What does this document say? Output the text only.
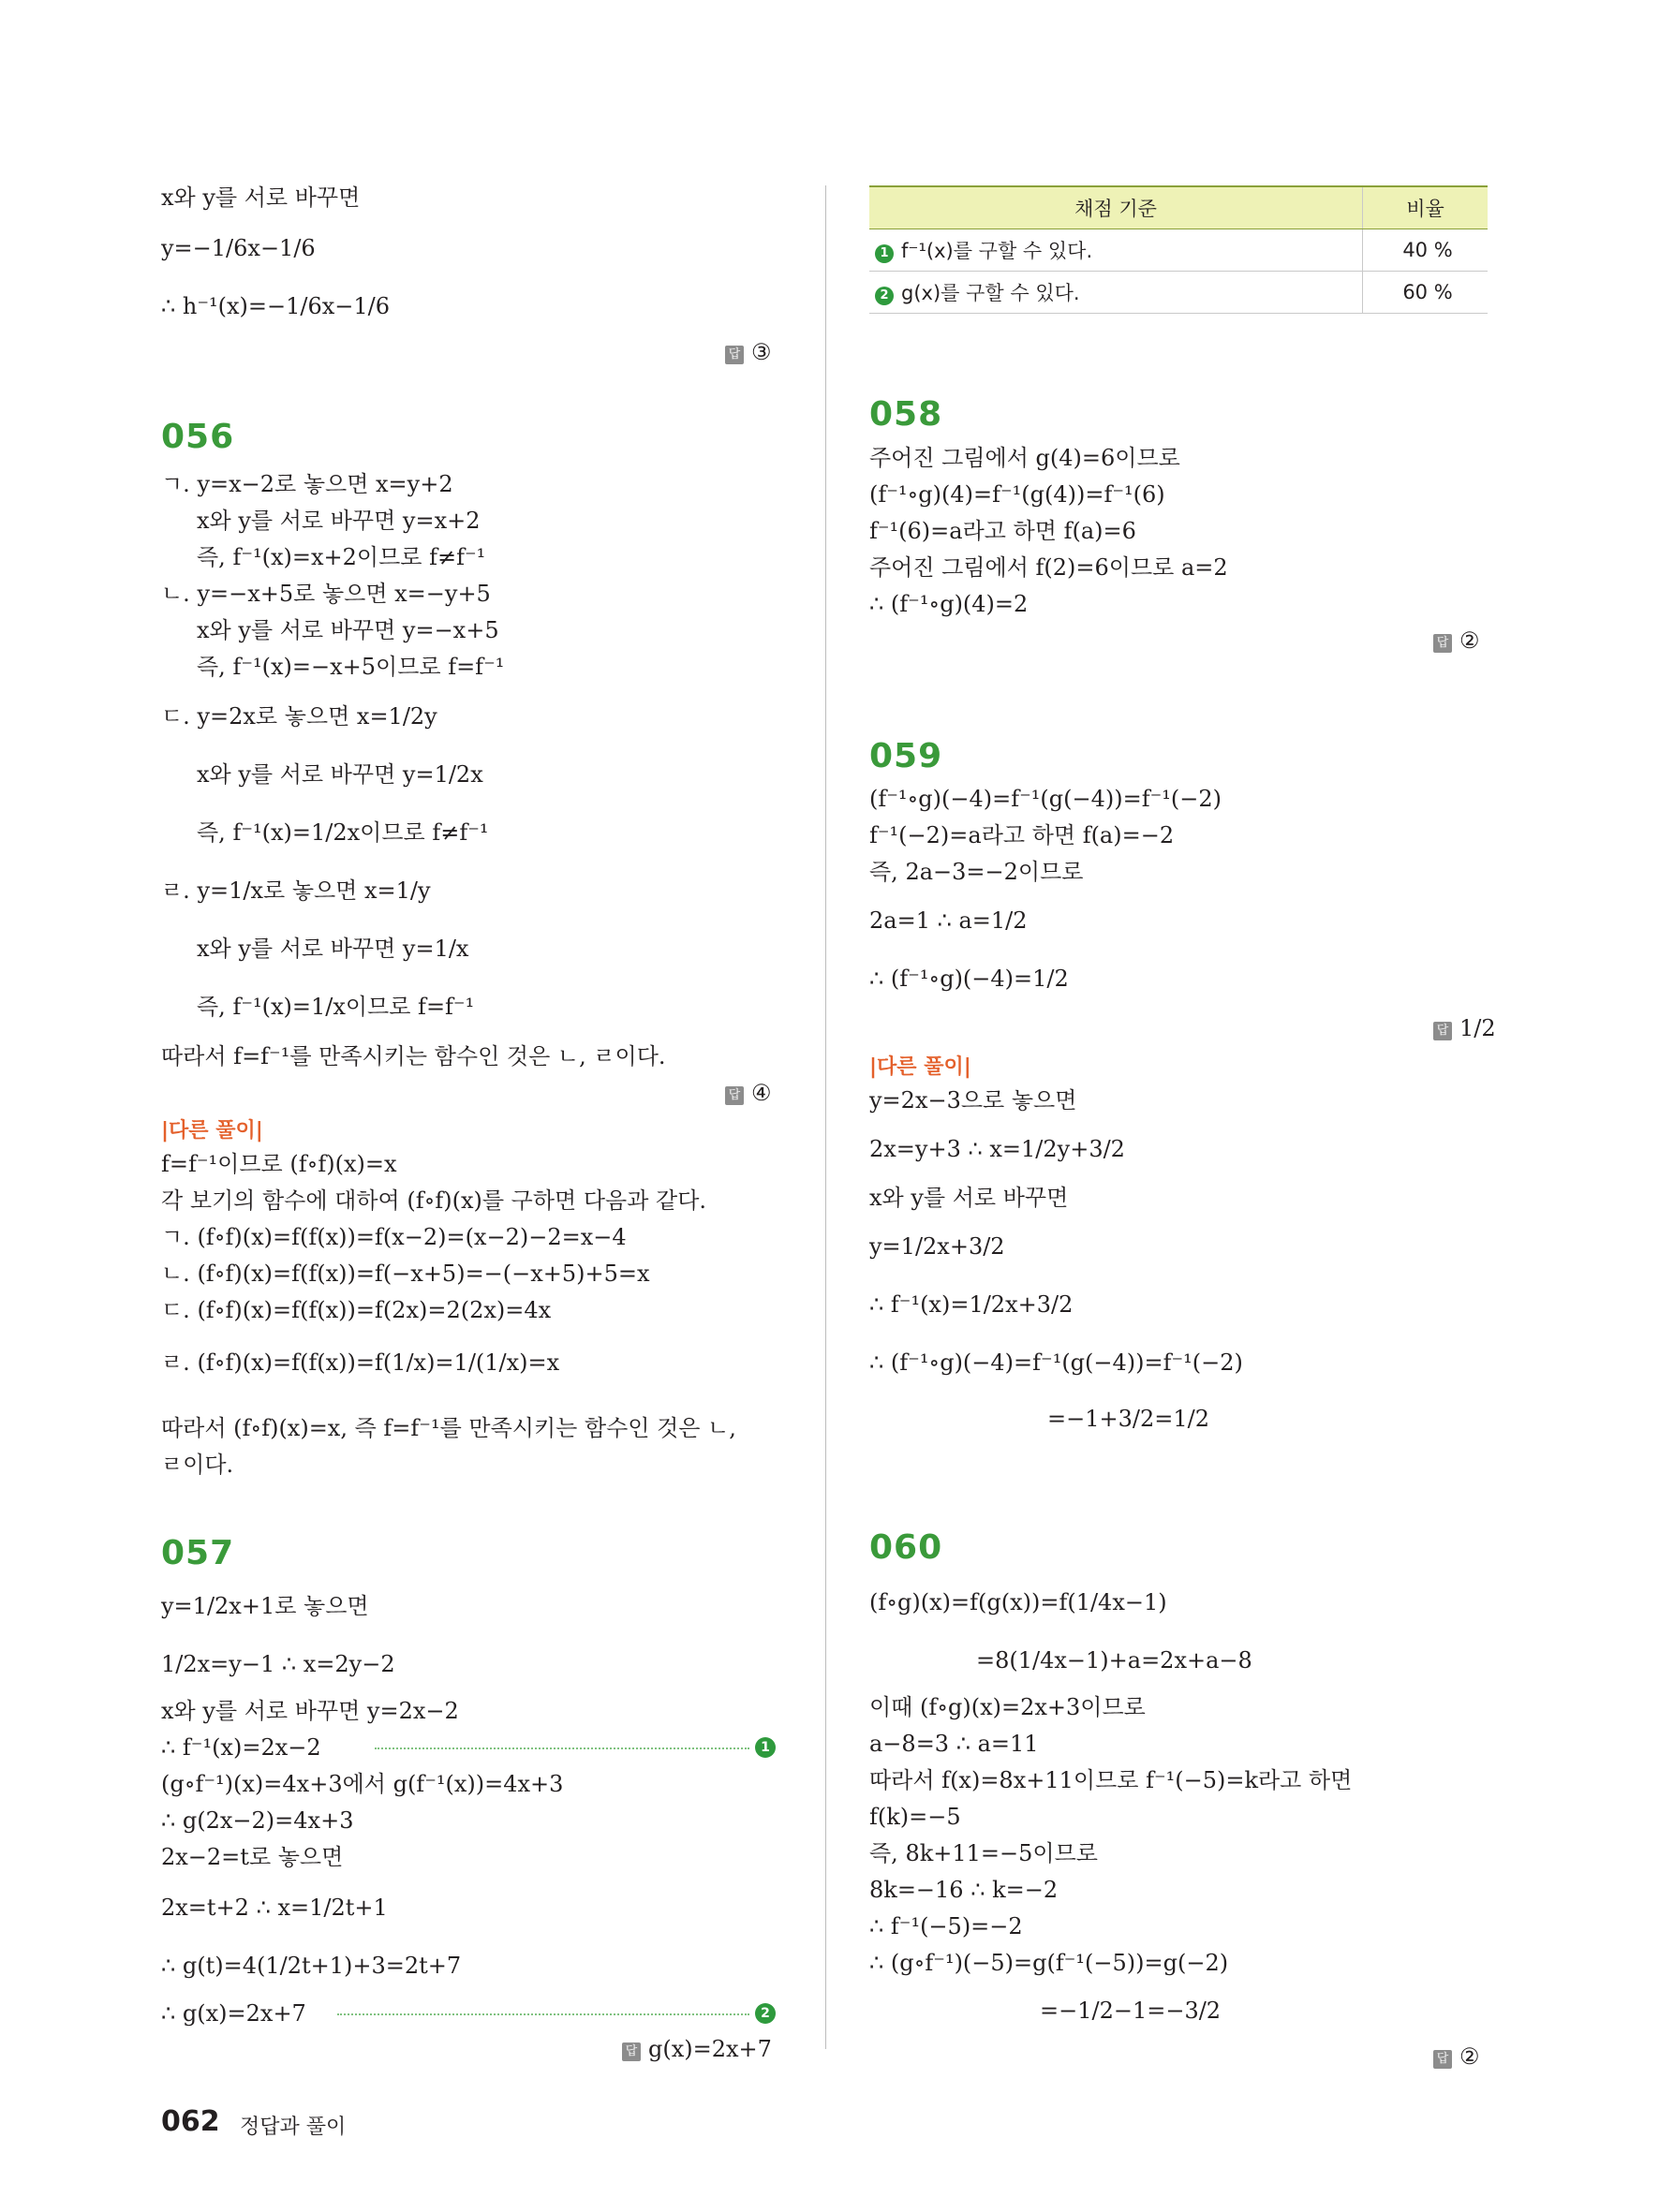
x와 y를 서로 바꾸면
y=−1/6x−1/6
∴ h⁻¹(x)=−1/6x−1/6
답 ③
056
ㄱ. y=x−2로 놓으면 x=y+2
x와 y를 서로 바꾸면 y=x+2
즉, f⁻¹(x)=x+2이므로 f≠f⁻¹
ㄴ. y=−x+5로 놓으면 x=−y+5
x와 y를 서로 바꾸면 y=−x+5
즉, f⁻¹(x)=−x+5이므로 f=f⁻¹
ㄷ. y=2x로 놓으면 x=1/2y
x와 y를 서로 바꾸면 y=1/2x
즉, f⁻¹(x)=1/2x이므로 f≠f⁻¹
ㄹ. y=1/x로 놓으면 x=1/y
x와 y를 서로 바꾸면 y=1/x
즉, f⁻¹(x)=1/x이므로 f=f⁻¹
따라서 f=f⁻¹를 만족시키는 함수인 것은 ㄴ, ㄹ이다.
답 ④
|다른 풀이|
f=f⁻¹이므로 (f∘f)(x)=x
각 보기의 함수에 대하여 (f∘f)(x)를 구하면 다음과 같다.
ㄱ. (f∘f)(x)=f(f(x))=f(x−2)=(x−2)−2=x−4
ㄴ. (f∘f)(x)=f(f(x))=f(−x+5)=−(−x+5)+5=x
ㄷ. (f∘f)(x)=f(f(x))=f(2x)=2(2x)=4x
ㄹ. (f∘f)(x)=f(f(x))=f(1/x)=1/(1/x)=x
따라서 (f∘f)(x)=x, 즉 f=f⁻¹를 만족시키는 함수인 것은 ㄴ,
ㄹ이다.
057
y=1/2x+1로 놓으면
1/2x=y−1 ∴ x=2y−2
x와 y를 서로 바꾸면 y=2x−2
∴ f⁻¹(x)=2x−2	1
(g∘f⁻¹)(x)=4x+3에서 g(f⁻¹(x))=4x+3
∴ g(2x−2)=4x+3
2x−2=t로 놓으면
2x=t+2 ∴ x=1/2t+1
∴ g(t)=4(1/2t+1)+3=2t+7
∴ g(x)=2x+7	2
답 g(x)=2x+7
채점 기준	비율
1 f⁻¹(x)를 구할 수 있다.	40 %
2 g(x)를 구할 수 있다.	60 %
058
주어진 그림에서 g(4)=6이므로
(f⁻¹∘g)(4)=f⁻¹(g(4))=f⁻¹(6)
f⁻¹(6)=a라고 하면 f(a)=6
주어진 그림에서 f(2)=6이므로 a=2
∴ (f⁻¹∘g)(4)=2
답 ②
059
(f⁻¹∘g)(−4)=f⁻¹(g(−4))=f⁻¹(−2)
f⁻¹(−2)=a라고 하면 f(a)=−2
즉, 2a−3=−2이므로
2a=1 ∴ a=1/2
∴ (f⁻¹∘g)(−4)=1/2
답 1/2
|다른 풀이|
y=2x−3으로 놓으면
2x=y+3 ∴ x=1/2y+3/2
x와 y를 서로 바꾸면
y=1/2x+3/2
∴ f⁻¹(x)=1/2x+3/2
∴ (f⁻¹∘g)(−4)=f⁻¹(g(−4))=f⁻¹(−2)
=−1+3/2=1/2
060
(f∘g)(x)=f(g(x))=f(1/4x−1)
=8(1/4x−1)+a=2x+a−8
이때 (f∘g)(x)=2x+3이므로
a−8=3 ∴ a=11
따라서 f(x)=8x+11이므로 f⁻¹(−5)=k라고 하면
f(k)=−5
즉, 8k+11=−5이므로
8k=−16 ∴ k=−2
∴ f⁻¹(−5)=−2
∴ (g∘f⁻¹)(−5)=g(f⁻¹(−5))=g(−2)
=−1/2−1=−3/2
답 ②
062 정답과 풀이
